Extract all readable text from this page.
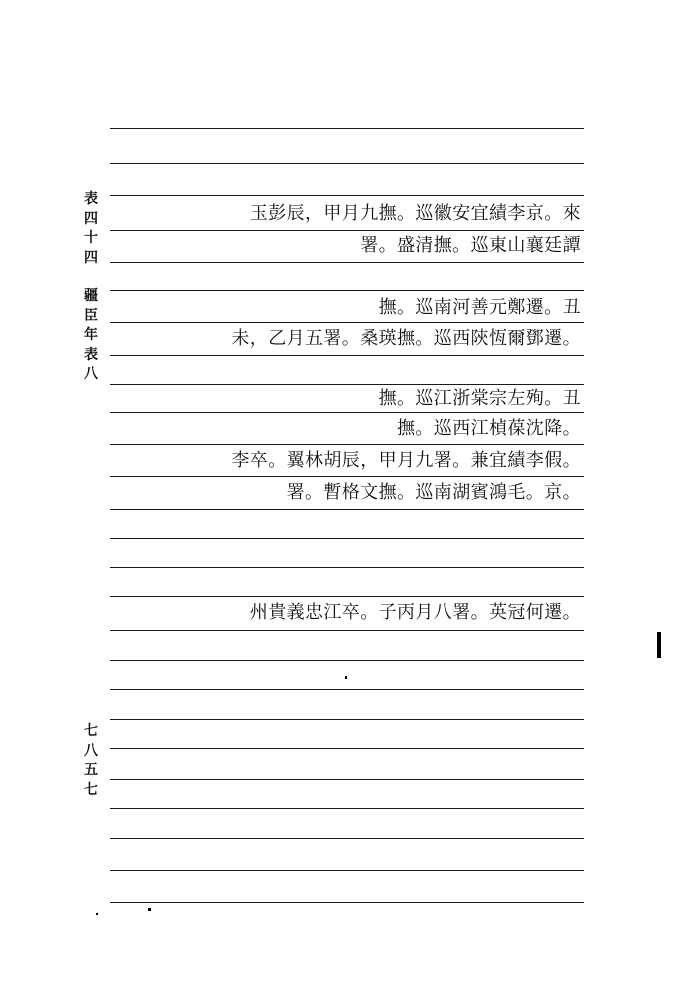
表
四
十
四
疆
臣
年
表
八
七
八
五
七
玉彭辰，甲月九撫。巡徽安宜績李京。來
署。盛清撫。巡東山襄廷譚
撫。巡南河善元鄭遷。丑
未，乙月五署。桑瑛撫。巡西陝恆爾鄧遷。
撫。巡江浙棠宗左殉。丑
撫。巡西江楨葆沈降。
李卒。翼林胡辰，甲月九署。兼宜績李假。
署。暫格文撫。巡南湖賓鴻毛。京。
州貴義忠江卒。子丙月八署。英冠何遷。
